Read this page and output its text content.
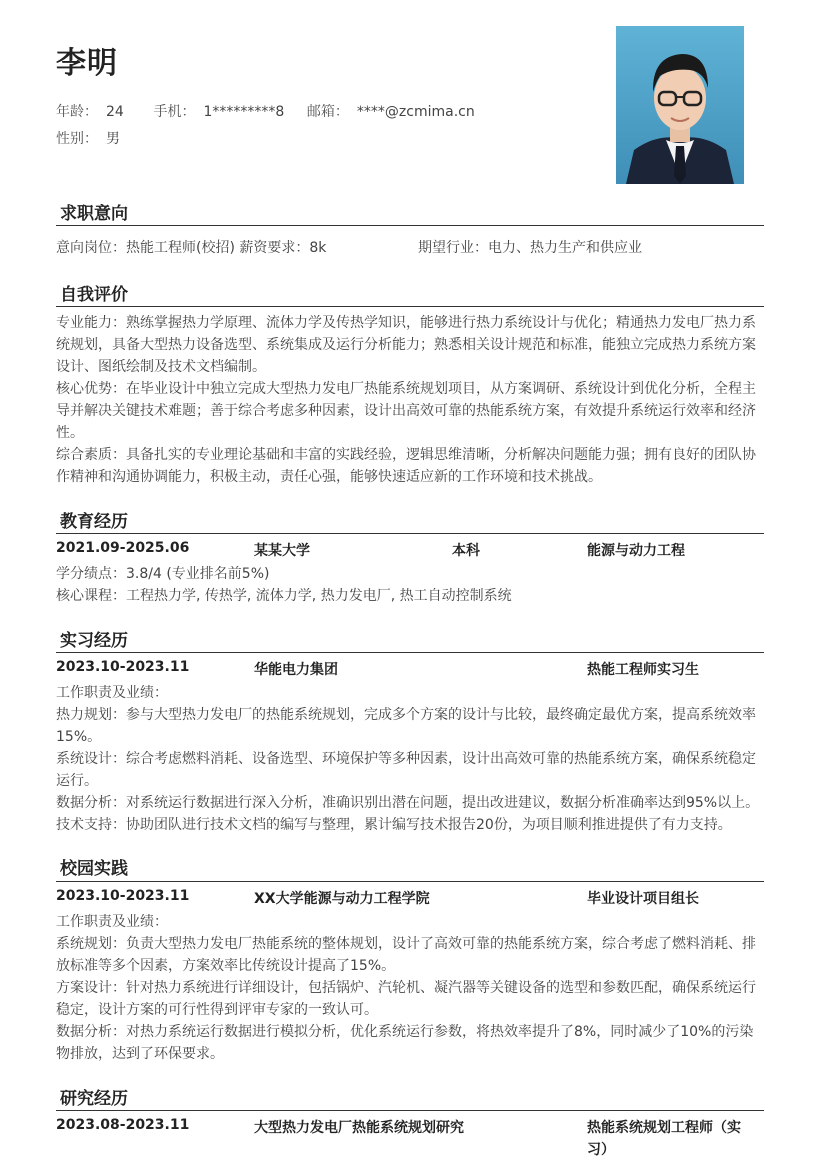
李明
年龄： 24 手机： 1*********8 邮箱： ****@zcmima.cn
性别： 男
求职意向
意向岗位：热能工程师(校招) 薪资要求：8k	期望行业：电力、热力生产和供应业
自我评价

专业能力：熟练掌握热力学原理、流体力学及传热学知识，能够进行热力系统设计与优化；精通热力发电厂热力系统规划，具备大型热力设备选型、系统集成及运行分析能力；熟悉相关设计规范和标准，能独立完成热力系统方案设计、图纸绘制及技术文档编制。

核心优势：在毕业设计中独立完成大型热力发电厂热能系统规划项目，从方案调研、系统设计到优化分析，全程主导并解决关键技术难题；善于综合考虑多种因素，设计出高效可靠的热能系统方案，有效提升系统运行效率和经济性。

综合素质：具备扎实的专业理论基础和丰富的实践经验，逻辑思维清晰，分析解决问题能力强；拥有良好的团队协作精神和沟通协调能力，积极主动，责任心强，能够快速适应新的工作环境和技术挑战。

教育经历
2021.09-2025.06	某某大学	本科	能源与动力工程

学分绩点：3.8/4 (专业排名前5%)

核心课程：工程热力学, 传热学, 流体力学, 热力发电厂, 热工自动控制系统

实习经历
2023.10-2023.11	华能电力集团	热能工程师实习生

工作职责及业绩：

热力规划：参与大型热力发电厂的热能系统规划，完成多个方案的设计与比较，最终确定最优方案，提高系统效率15%。

系统设计：综合考虑燃料消耗、设备选型、环境保护等多种因素，设计出高效可靠的热能系统方案，确保系统稳定运行。

数据分析：对系统运行数据进行深入分析，准确识别出潜在问题，提出改进建议，数据分析准确率达到95%以上。

技术支持：协助团队进行技术文档的编写与整理，累计编写技术报告20份，为项目顺利推进提供了有力支持。

校园实践
2023.10-2023.11	XX大学能源与动力工程学院	毕业设计项目组长

工作职责及业绩：

系统规划：负责大型热力发电厂热能系统的整体规划，设计了高效可靠的热能系统方案，综合考虑了燃料消耗、排放标准等多个因素，方案效率比传统设计提高了15%。

方案设计：针对热力系统进行详细设计，包括锅炉、汽轮机、凝汽器等关键设备的选型和参数匹配，确保系统运行稳定，设计方案的可行性得到评审专家的一致认可。

数据分析：对热力系统运行数据进行模拟分析，优化系统运行参数，将热效率提升了8%，同时减少了10%的污染物排放，达到了环保要求。

研究经历
2023.08-2023.11	大型热力发电厂热能系统规划研究	热能系统规划工程师（实习）
